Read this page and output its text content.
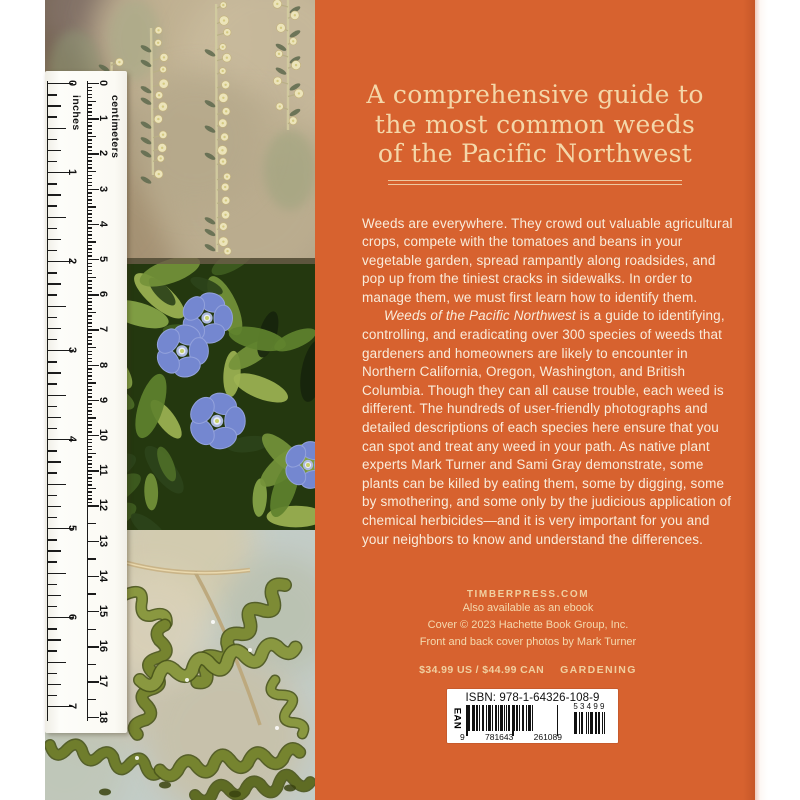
inches	centimeters
0
1
2
3
4
5
6
7
0
1
2
3
4
5
6
7
8
9
10
11
12
13
14
15
16
17
18
A comprehensive guide to
the most common weeds
of the Pacific Northwest

Weeds are everywhere. They crowd out valuable agricultural crops, compete with the tomatoes and beans in your vegetable garden, spread rampantly along roadsides, and pop up from the tiniest cracks in sidewalks. In order to manage them, we must first learn how to identify them.

Weeds of the Pacific Northwest is a guide to identifying, controlling, and eradicating over 300 species of weeds that gardeners and homeowners are likely to encounter in Northern California, Oregon, Washington, and British Columbia. Though they can all cause trouble, each weed is different. The hundreds of user-friendly photographs and detailed descriptions of each species here ensure that you can spot and treat any weed in your path. As native plant experts Mark Turner and Sami Gray demonstrate, some plants can be killed by eating them, some by digging, some by smothering, and some only by the judicious application of chemical herbicides—and it is very important for you and your neighbors to know and understand the differences.

TIMBERPRESS.COM
Also available as an ebook
Cover © 2023 Hachette Book Group, Inc.
Front and back cover photos by Mark Turner
$34.99 US / $44.99 CAN GARDENING
ISBN: 978-1-64326-108-9
EAN
9 781643 261089
53499
